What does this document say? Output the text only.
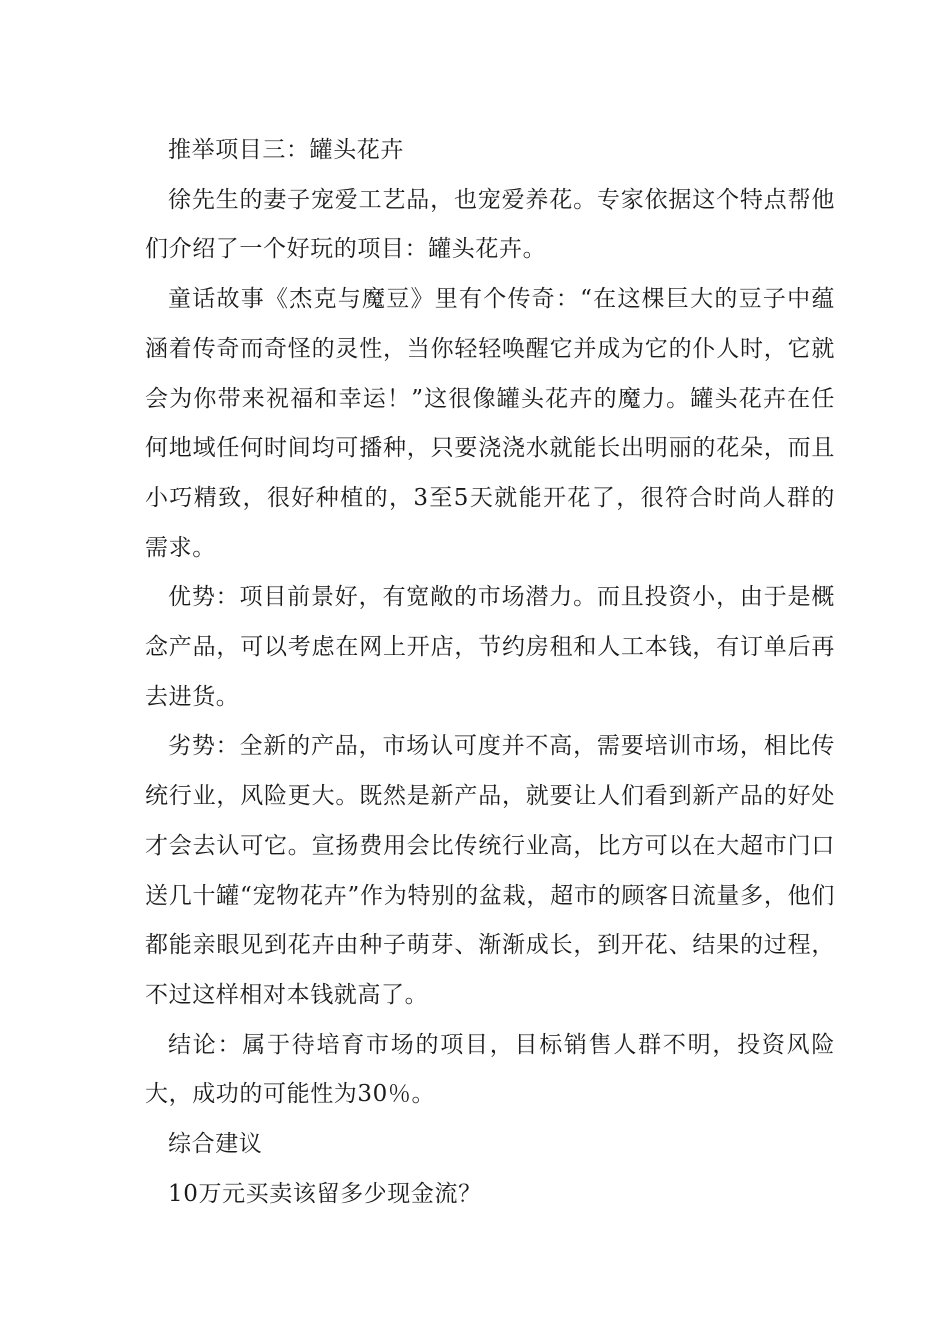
推举项目三：罐头花卉

徐先生的妻子宠爱工艺品，也宠爱养花。专家依据这个特点帮他们介绍了一个好玩的项目：罐头花卉。

童话故事《杰克与魔豆》里有个传奇：“在这棵巨大的豆子中蕴涵着传奇而奇怪的灵性，当你轻轻唤醒它并成为它的仆人时，它就会为你带来祝福和幸运！”这很像罐头花卉的魔力。罐头花卉在任何地域任何时间均可播种，只要浇浇水就能长出明丽的花朵，而且小巧精致，很好种植的，3至5天就能开花了，很符合时尚人群的需求。

优势：项目前景好，有宽敞的市场潜力。而且投资小，由于是概念产品，可以考虑在网上开店，节约房租和人工本钱，有订单后再去进货。

劣势：全新的产品，市场认可度并不高，需要培训市场，相比传统行业，风险更大。既然是新产品，就要让人们看到新产品的好处才会去认可它。宣扬费用会比传统行业高，比方可以在大超市门口送几十罐“宠物花卉”作为特别的盆栽，超市的顾客日流量多，他们都能亲眼见到花卉由种子萌芽、渐渐成长，到开花、结果的过程，不过这样相对本钱就高了。

结论：属于待培育市场的项目，目标销售人群不明，投资风险大，成功的可能性为30％。

综合建议

10万元买卖该留多少现金流？
